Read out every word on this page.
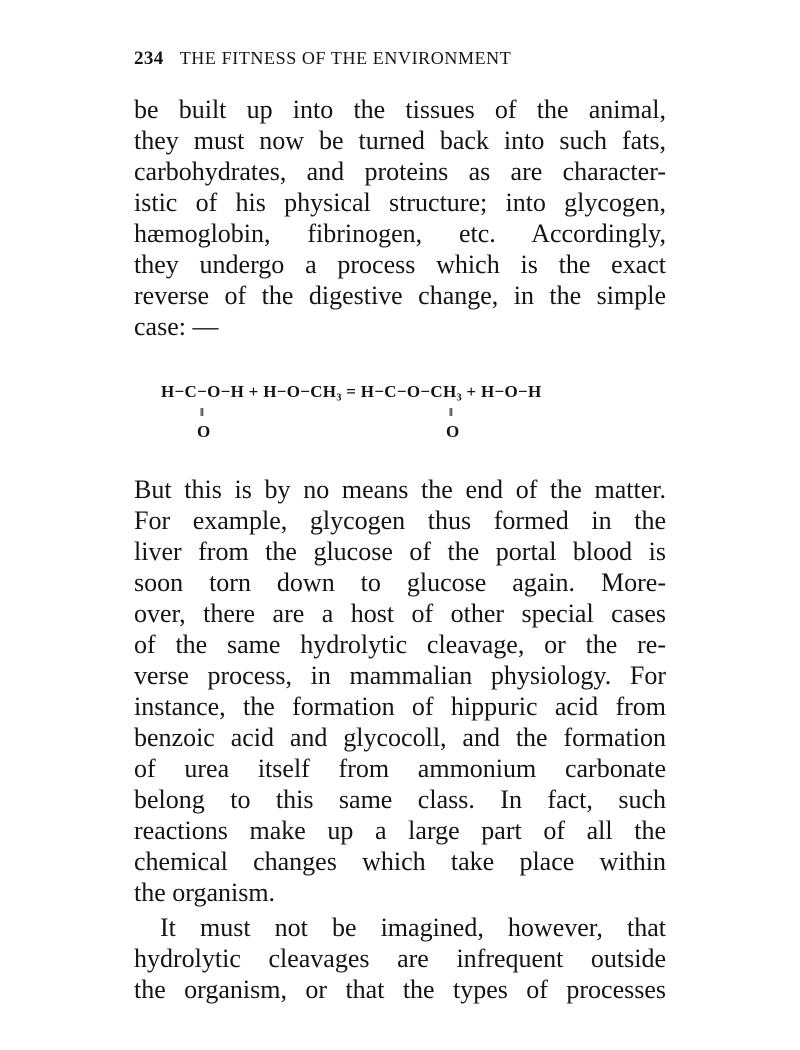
234 THE FITNESS OF THE ENVIRONMENT
be built up into the tissues of the animal,
they must now be turned back into such fats,
carbohydrates, and proteins as are character-
istic of his physical structure; into glycogen,
hæmoglobin, fibrinogen, etc. Accordingly,
they undergo a process which is the exact
reverse of the digestive change, in the simple
case: —
H−C−O−H + H−O−CH₃ = H−C−O−CH₃ + H−O−H
‖	‖
O	O
But this is by no means the end of the matter.
For example, glycogen thus formed in the
liver from the glucose of the portal blood is
soon torn down to glucose again. More-
over, there are a host of other special cases
of the same hydrolytic cleavage, or the re-
verse process, in mammalian physiology. For
instance, the formation of hippuric acid from
benzoic acid and glycocoll, and the formation
of urea itself from ammonium carbonate
belong to this same class. In fact, such
reactions make up a large part of all the
chemical changes which take place within
the organism.
It must not be imagined, however, that
hydrolytic cleavages are infrequent outside
the organism, or that the types of processes
